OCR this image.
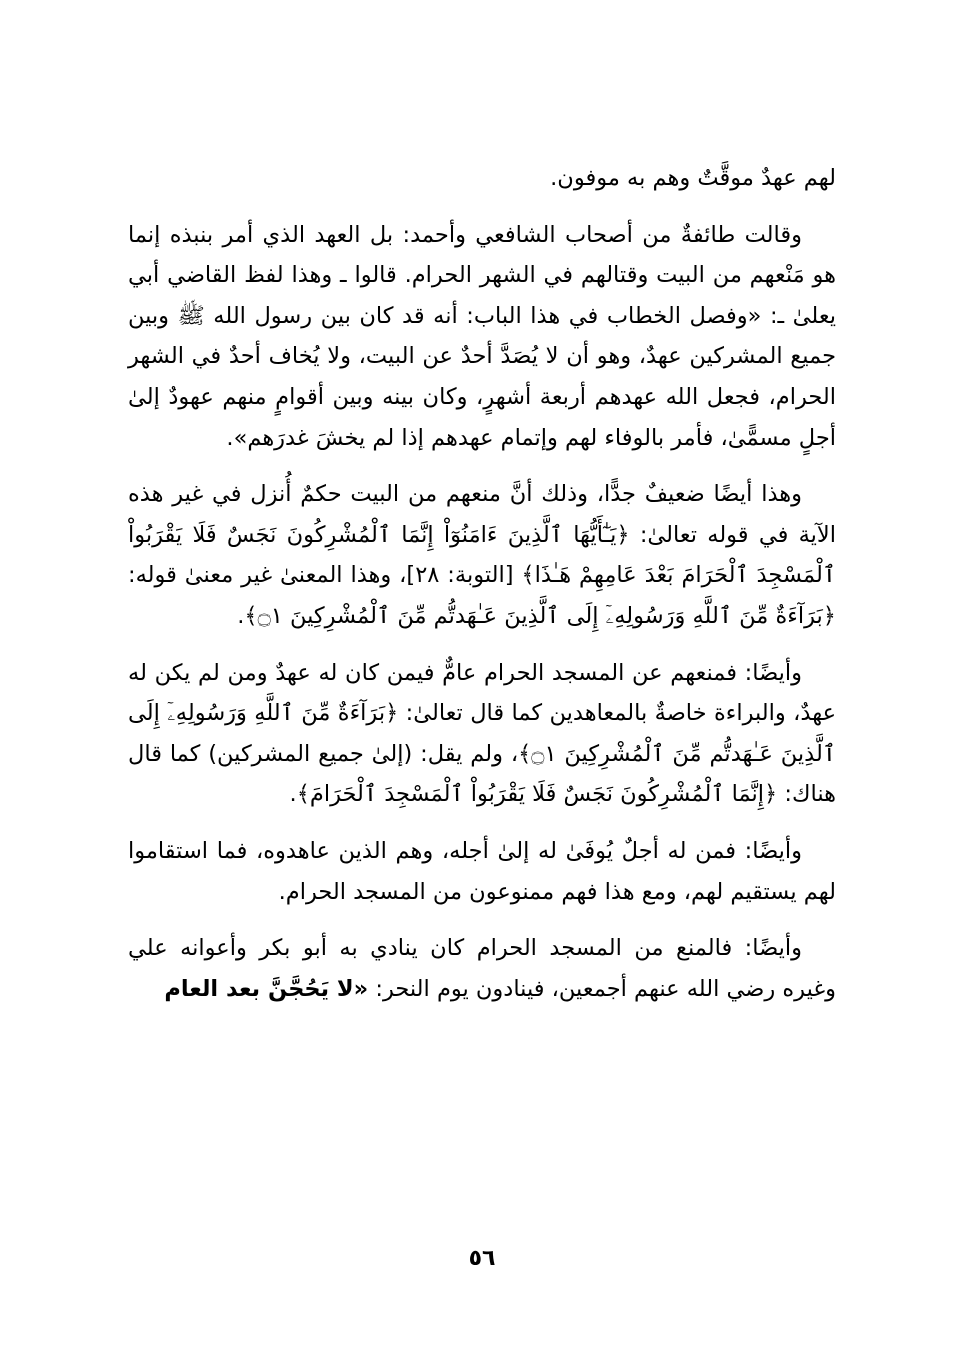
لهم عهدٌ موقَّتٌ وهم به موفون.

وقالت طائفةٌ من أصحاب الشافعي وأحمد: بل العهد الذي أمر بنبذه إنما هو مَنْعهم من البيت وقتالهم في الشهر الحرام. قالوا ـ وهذا لفظ القاضي أبي يعلىٰ ـ: «وفصل الخطاب في هذا الباب: أنه قد كان بين رسول الله ﷺ وبين جميع المشركين عهدٌ، وهو أن لا يُصَدَّ أحدٌ عن البيت، ولا يُخاف أحدٌ في الشهر الحرام، فجعل الله عهدهم أربعة أشهرٍ، وكان بينه وبين أقوامٍ منهم عهودٌ إلىٰ أجلٍ مسمًّىٰ، فأمر بالوفاء لهم وإتمام عهدهم إذا لم يخشَ غدرَهم».

وهذا أيضًا ضعيفٌ جدًّا، وذلك أنَّ منعهم من البيت حكمٌ أُنزل في غير هذه الآية في قوله تعالىٰ: ﴿يَـٰٓأَيُّهَا ٱلَّذِينَ ءَامَنُوٓاْ إِنَّمَا ٱلْمُشْرِكُونَ نَجَسٌ فَلَا يَقْرَبُواْ ٱلْمَسْجِدَ ٱلْحَرَامَ بَعْدَ عَامِهِمْ هَـٰذَا﴾ [التوبة: ٢٨]، وهذا المعنىٰ غير معنىٰ قوله: ﴿بَرَآءَةٌ مِّنَ ٱللَّهِ وَرَسُولِهِۦٓ إِلَى ٱلَّذِينَ عَـٰهَدتُّم مِّنَ ٱلْمُشْرِكِينَ ۝١﴾.

وأيضًا: فمنعهم عن المسجد الحرام عامٌّ فيمن كان له عهدٌ ومن لم يكن له عهدٌ، والبراءة خاصةٌ بالمعاهدين كما قال تعالىٰ: ﴿بَرَآءَةٌ مِّنَ ٱللَّهِ وَرَسُولِهِۦٓ إِلَى ٱلَّذِينَ عَـٰهَدتُّم مِّنَ ٱلْمُشْرِكِينَ ۝١﴾، ولم يقل: (إلىٰ جميع المشركين) كما قال هناك: ﴿إِنَّمَا ٱلْمُشْرِكُونَ نَجَسٌ فَلَا يَقْرَبُواْ ٱلْمَسْجِدَ ٱلْحَرَامَ﴾.

وأيضًا: فمن له أجلٌ يُوفَىٰ له إلىٰ أجله، وهم الذين عاهدوه، فما استقاموا لهم يستقيم لهم، ومع هذا فهم ممنوعون من المسجد الحرام.

وأيضًا: فالمنع من المسجد الحرام كان ينادي به أبو بكر وأعوانه علي وغيره رضي الله عنهم أجمعين، فينادون يوم النحر: «لا يَحُجَّنَّ بعد العام

٥٦
